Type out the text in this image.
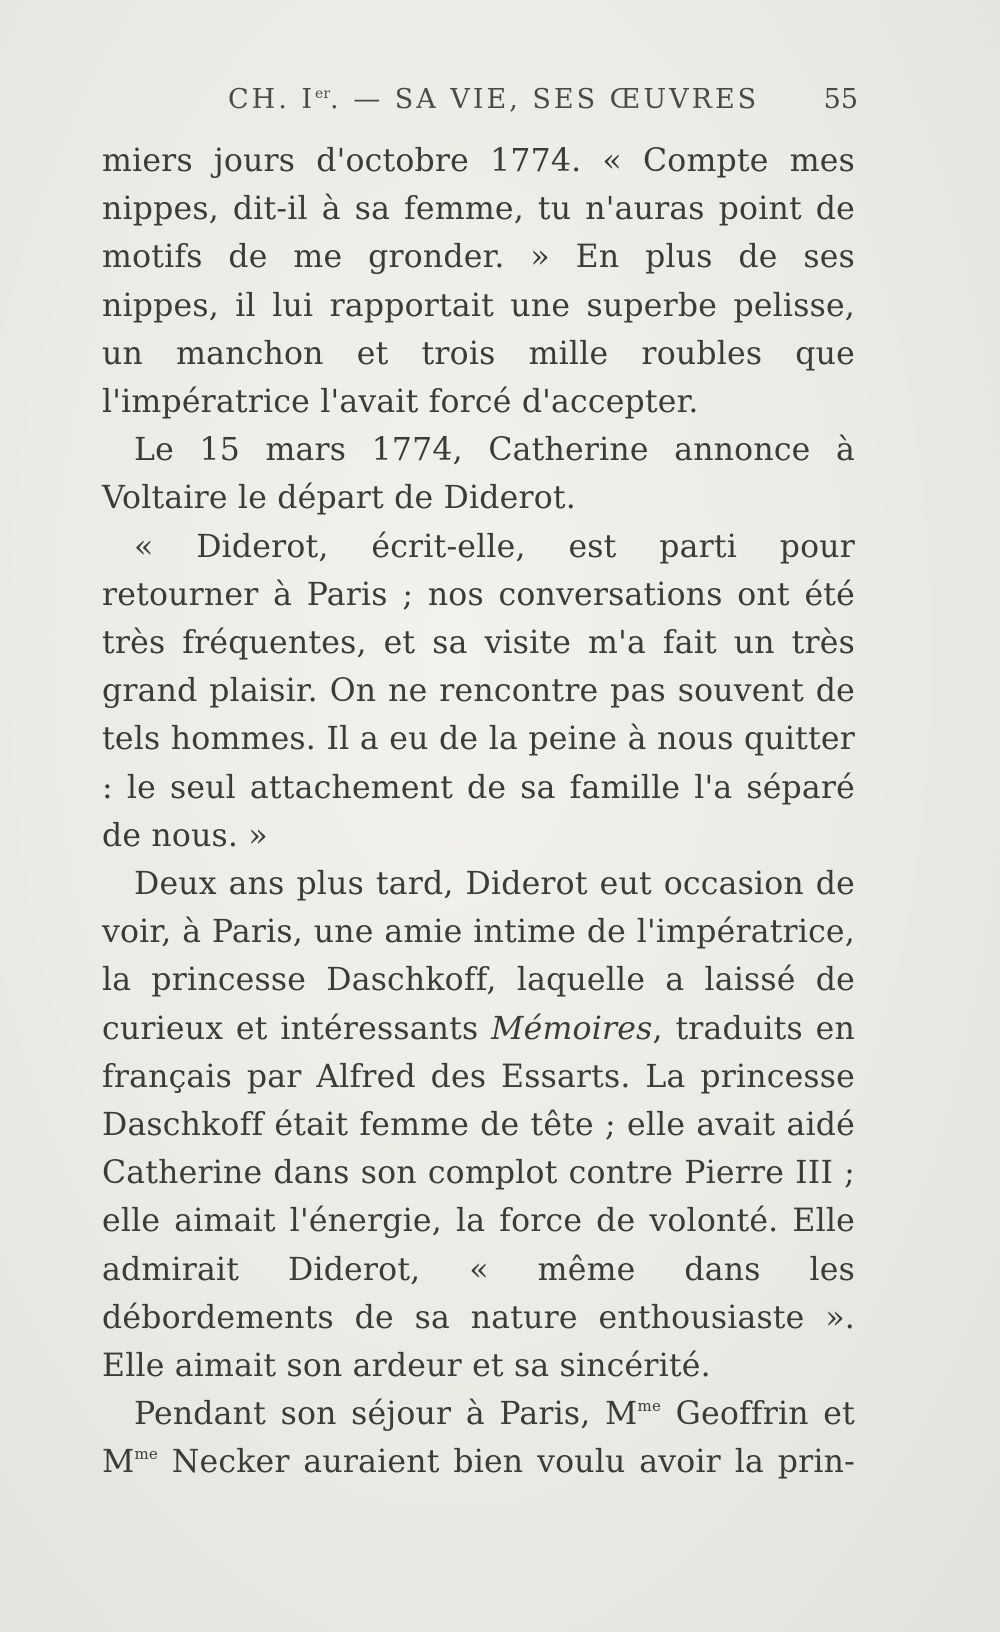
CH. Ier. — SA VIE, SES ŒUVRES 55

miers jours d'octobre 1774. « Compte mes nippes, dit-il à sa femme, tu n'auras point de motifs de me gronder. » En plus de ses nippes, il lui rapportait une superbe pelisse, un manchon et trois mille roubles que l'impératrice l'avait forcé d'accepter.

Le 15 mars 1774, Catherine annonce à Voltaire le départ de Diderot.

« Diderot, écrit-elle, est parti pour retourner à Paris ; nos conversations ont été très fréquentes, et sa visite m'a fait un très grand plaisir. On ne rencontre pas souvent de tels hommes. Il a eu de la peine à nous quitter : le seul attachement de sa famille l'a séparé de nous. »

Deux ans plus tard, Diderot eut occasion de voir, à Paris, une amie intime de l'impératrice, la princesse Daschkoff, laquelle a laissé de curieux et intéressants Mémoires, traduits en français par Alfred des Essarts. La princesse Daschkoff était femme de tête ; elle avait aidé Catherine dans son complot contre Pierre III ; elle aimait l'énergie, la force de volonté. Elle admirait Diderot, « même dans les débordements de sa nature enthousiaste ». Elle aimait son ardeur et sa sincérité.

Pendant son séjour à Paris, $M^{me}$ Geoffrin et $M^{me}$ Necker auraient bien voulu avoir la prin-
